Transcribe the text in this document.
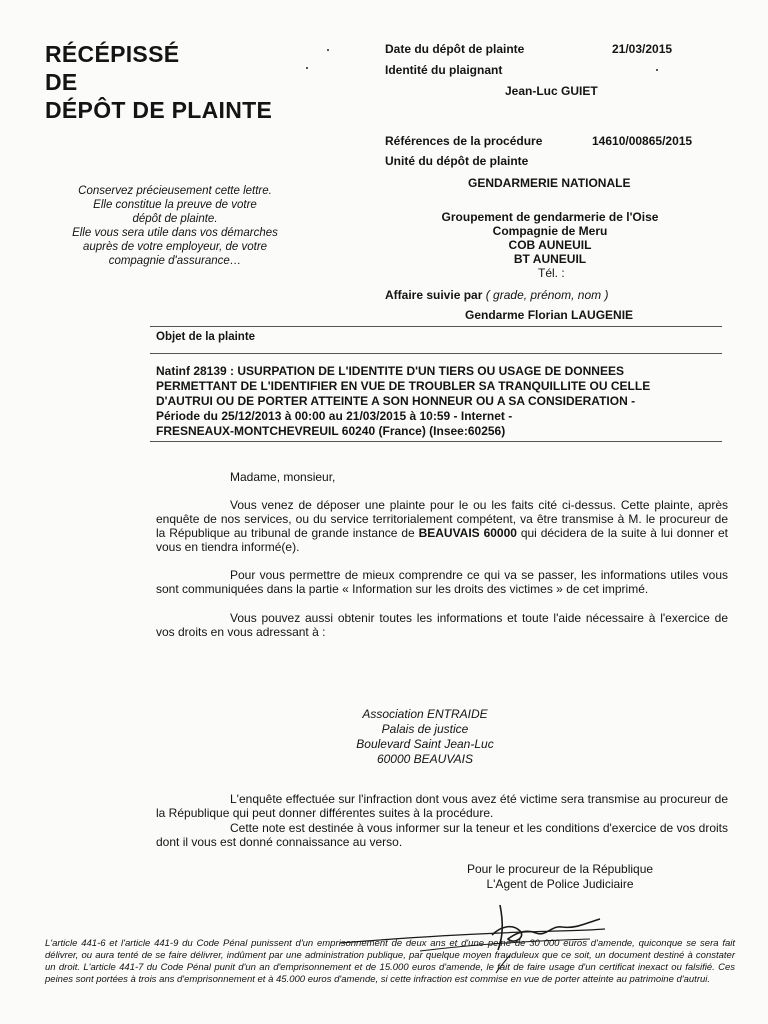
RÉCÉPISSÉ
DE
DÉPÔT DE PLAINTE
Date du dépôt de plainte	21/03/2015
Identité du plaignant
Jean-Luc GUIET
Références de la procédure	14610/00865/2015
Unité du dépôt de plainte
GENDARMERIE NATIONALE
Groupement de gendarmerie de l'Oise
Compagnie de Meru
COB AUNEUIL
BT AUNEUIL
Tél. :
Affaire suivie par ( grade, prénom, nom )
Gendarme Florian LAUGENIE
Conservez précieusement cette lettre.
Elle constitue la preuve de votre
dépôt de plainte.
Elle vous sera utile dans vos démarches
auprès de votre employeur, de votre
compagnie d'assurance…
Objet de la plainte
Natinf 28139 : USURPATION DE L'IDENTITE D'UN TIERS OU USAGE DE DONNEES
PERMETTANT DE L'IDENTIFIER EN VUE DE TROUBLER SA TRANQUILLITE OU CELLE
D'AUTRUI OU DE PORTER ATTEINTE A SON HONNEUR OU A SA CONSIDERATION -
Période du 25/12/2013 à 00:00 au 21/03/2015 à 10:59 - Internet -
FRESNEAUX-MONTCHEVREUIL 60240 (France) (Insee:60256)

Madame, monsieur,

Vous venez de déposer une plainte pour le ou les faits cité ci-dessus. Cette plainte, après enquête de nos services, ou du service territorialement compétent, va être transmise à M. le procureur de la République au tribunal de grande instance de BEAUVAIS 60000 qui décidera de la suite à lui donner et vous en tiendra informé(e).

Pour vous permettre de mieux comprendre ce qui va se passer, les informations utiles vous sont communiquées dans la partie « Information sur les droits des victimes » de cet imprimé.

Vous pouvez aussi obtenir toutes les informations et toute l'aide nécessaire à l'exercice de vos droits en vous adressant à :

Association ENTRAIDE
Palais de justice
Boulevard Saint Jean-Luc
60000 BEAUVAIS

L'enquête effectuée sur l'infraction dont vous avez été victime sera transmise au procureur de la République qui peut donner différentes suites à la procédure.

Cette note est destinée à vous informer sur la teneur et les conditions d'exercice de vos droits dont il vous est donné connaissance au verso.

Pour le procureur de la République
L'Agent de Police Judiciaire
L'article 441-6 et l'article 441-9 du Code Pénal punissent d'un emprisonnement de deux ans et d'une peine de 30 000 euros d'amende, quiconque se sera fait délivrer, ou aura tenté de se faire délivrer, indûment par une administration publique, par quelque moyen frauduleux que ce soit, un document destiné à constater un droit. L'article 441-7 du Code Pénal punit d'un an d'emprisonnement et de 15.000 euros d'amende, le fait de faire usage d'un certificat inexact ou falsifié. Ces peines sont portées à trois ans d'emprisonnement et à 45.000 euros d'amende, si cette infraction est commise en vue de porter atteinte au patrimoine d'autrui.
